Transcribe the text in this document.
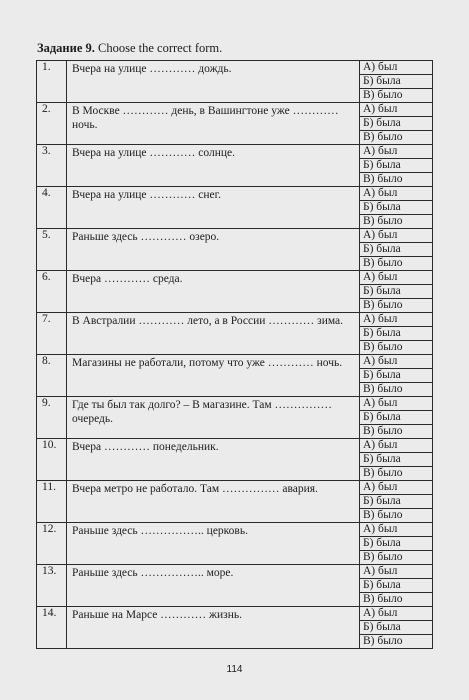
Задание 9. Choose the correct form.
1.	Вчера на улице ………… дождь.	А) был
		Б) была
		В) было
2.	В Москве ………… день, в Вашингтоне уже ………… ночь.	А) был
		Б) была
		В) было
3.	Вчера на улице ………… солнце.	А) был
		Б) была
		В) было
4.	Вчера на улице ………… снег.	А) был
		Б) была
		В) было
5.	Раньше здесь ………… озеро.	А) был
		Б) была
		В) было
6.	Вчера ………… среда.	А) был
		Б) была
		В) было
7.	В Австралии ………… лето, а в России ………… зима.	А) был
		Б) была
		В) было
8.	Магазины не работали, потому что уже ………… ночь.	А) был
		Б) была
		В) было
9.	Где ты был так долго? – В магазине. Там …………… очередь.	А) был
		Б) была
		В) было
10.	Вчера ………… понедельник.	А) был
		Б) была
		В) было
11.	Вчера метро не работало. Там …………… авария.	А) был
		Б) была
		В) было
12.	Раньше здесь …………….. церковь.	А) был
		Б) была
		В) было
13.	Раньше здесь …………….. море.	А) был
		Б) была
		В) было
14.	Раньше на Марсе ………… жизнь.	А) был
		Б) была
		В) было
114
